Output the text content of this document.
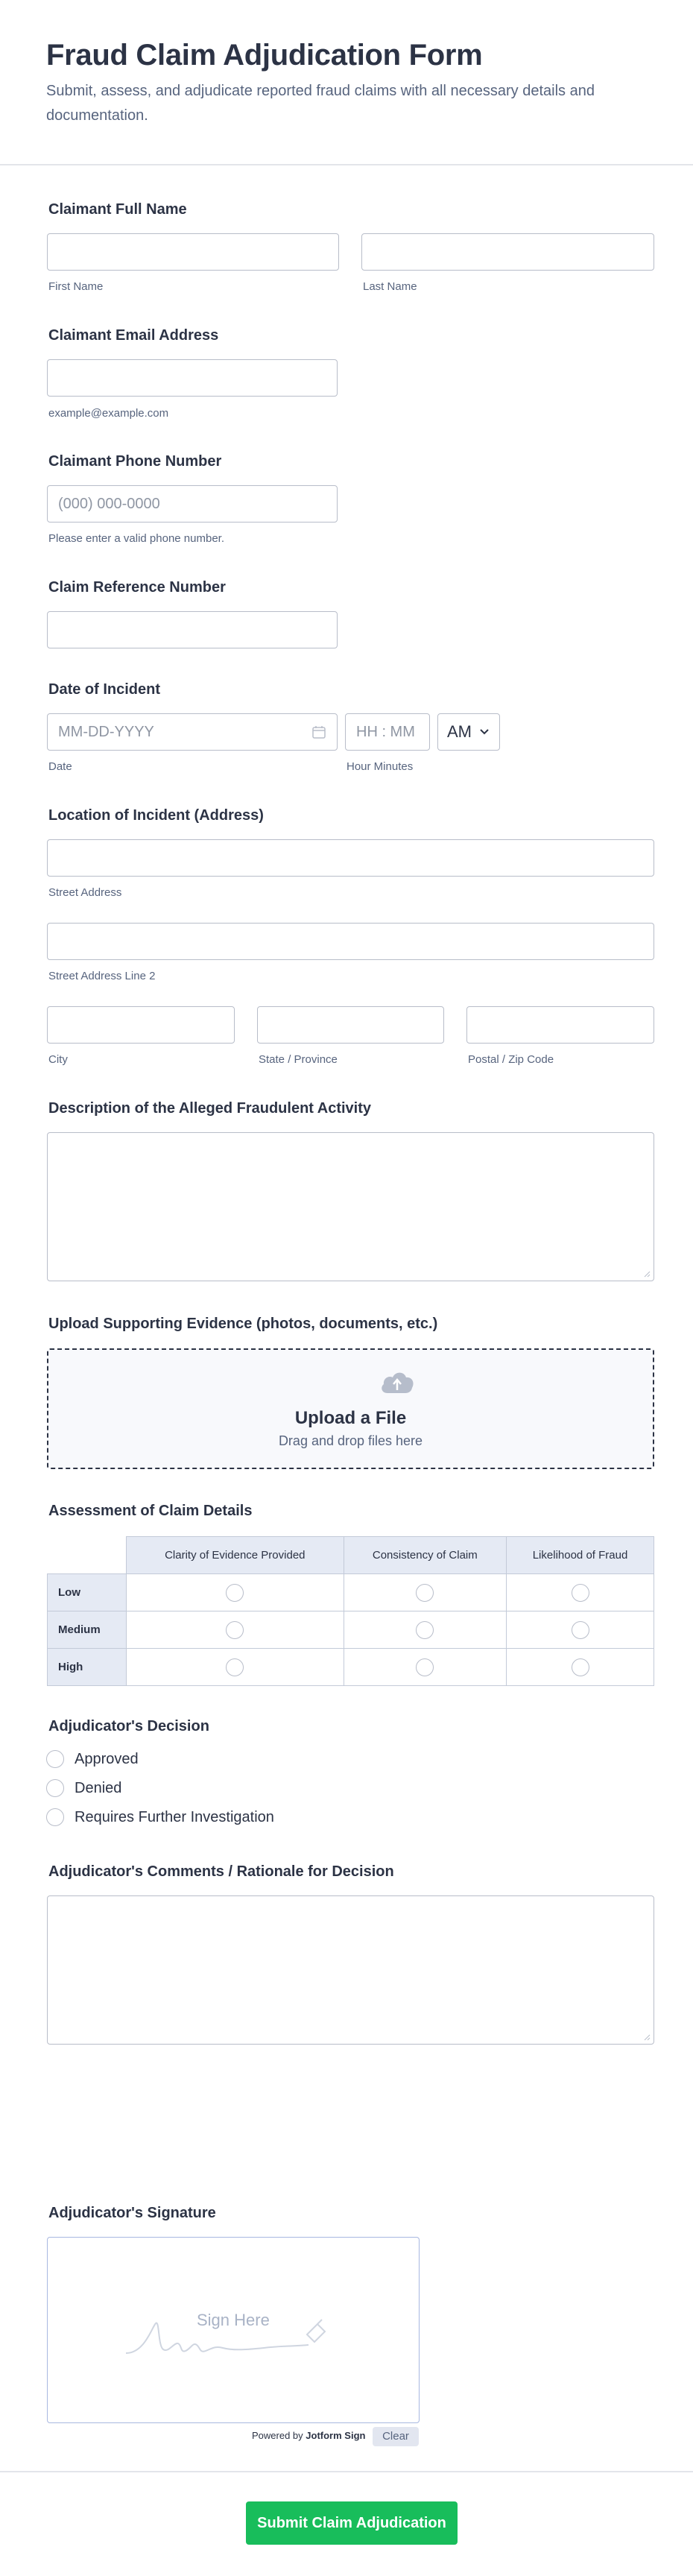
Fraud Claim Adjudication Form

Submit, assess, and adjudicate reported fraud claims with all necessary details and documentation.

Claimant Full Name
First Name	Last Name
Claimant Email Address
example@example.com
Claimant Phone Number
(000) 000-0000
Please enter a valid phone number.
Claim Reference Number
Date of Incident
MM-DD-YYYY	HH : MM AM
Date	Hour Minutes
Location of Incident (Address)
Street Address
Street Address Line 2
City	State / Province	Postal / Zip Code
Description of the Alleged Fraudulent Activity
Upload Supporting Evidence (photos, documents, etc.)
Upload a File
Drag and drop files here
Assessment of Claim Details
	Clarity of Evidence Provided	Consistency of Claim	Likelihood of Fraud
Low			
Medium			
High			
Adjudicator's Decision
Approved
Denied
Requires Further Investigation
Adjudicator's Comments / Rationale for Decision
Adjudicator's Signature
Sign Here
Powered by Jotform Sign	Clear
Submit Claim Adjudication
